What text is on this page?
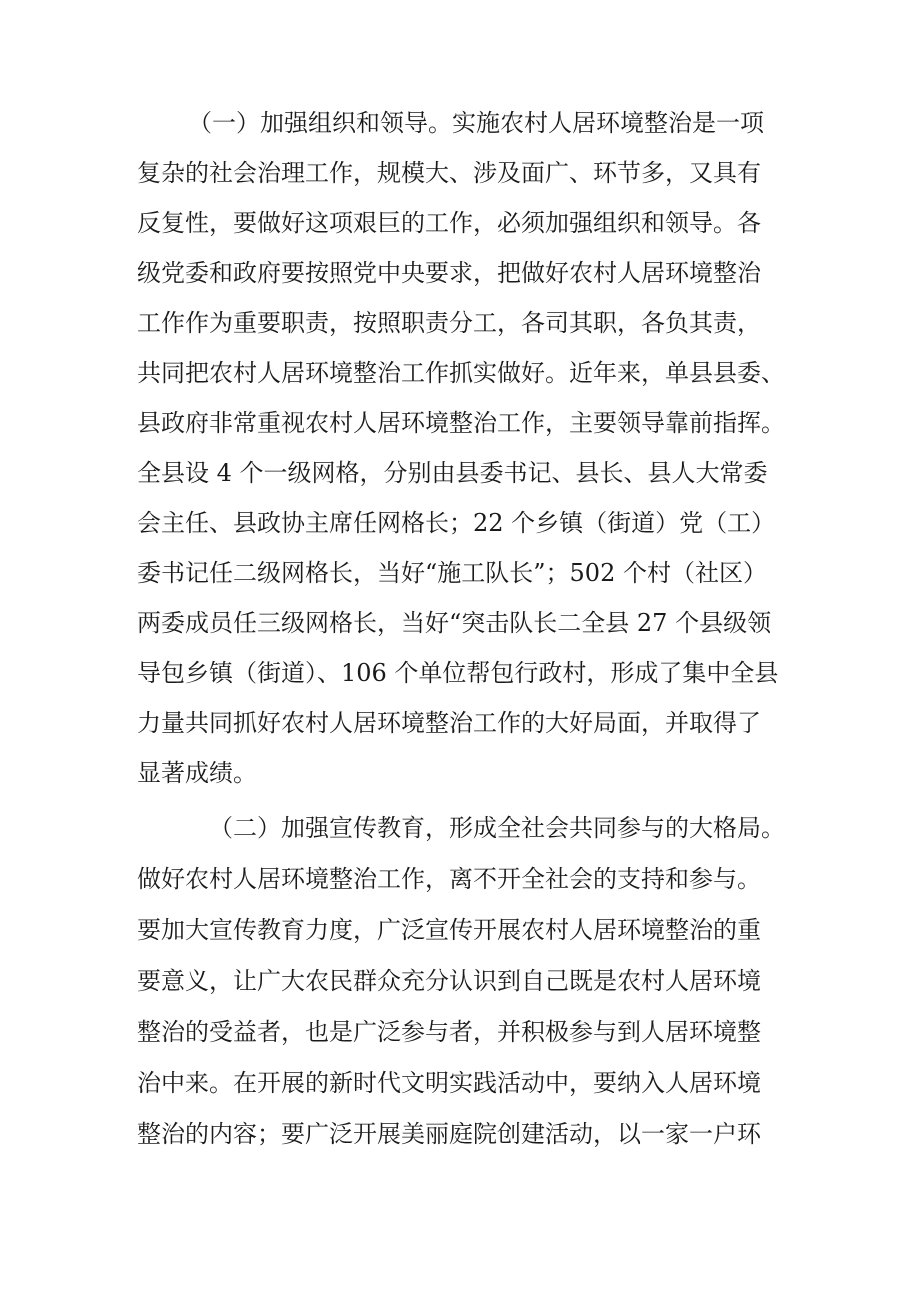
（一）加强组织和领导。实施农村人居环境整治是一项
复杂的社会治理工作，规模大、涉及面广、环节多，又具有
反复性，要做好这项艰巨的工作，必须加强组织和领导。各
级党委和政府要按照党中央要求，把做好农村人居环境整治
工作作为重要职责，按照职责分工，各司其职，各负其责，
共同把农村人居环境整治工作抓实做好。近年来，单县县委、
县政府非常重视农村人居环境整治工作，主要领导靠前指挥。
全县设 4 个一级网格，分别由县委书记、县长、县人大常委
会主任、县政协主席任网格长；22 个乡镇（街道）党（工）
委书记任二级网格长，当好“施工队长”；502 个村（社区）
两委成员任三级网格长，当好“突击队长二全县 27 个县级领
导包乡镇（街道）、106 个单位帮包行政村，形成了集中全县
力量共同抓好农村人居环境整治工作的大好局面，并取得了
显著成绩。
（二）加强宣传教育，形成全社会共同参与的大格局。
做好农村人居环境整治工作，离不开全社会的支持和参与。
要加大宣传教育力度，广泛宣传开展农村人居环境整治的重
要意义，让广大农民群众充分认识到自己既是农村人居环境
整治的受益者，也是广泛参与者，并积极参与到人居环境整
治中来。在开展的新时代文明实践活动中，要纳入人居环境
整治的内容；要广泛开展美丽庭院创建活动，以一家一户环
